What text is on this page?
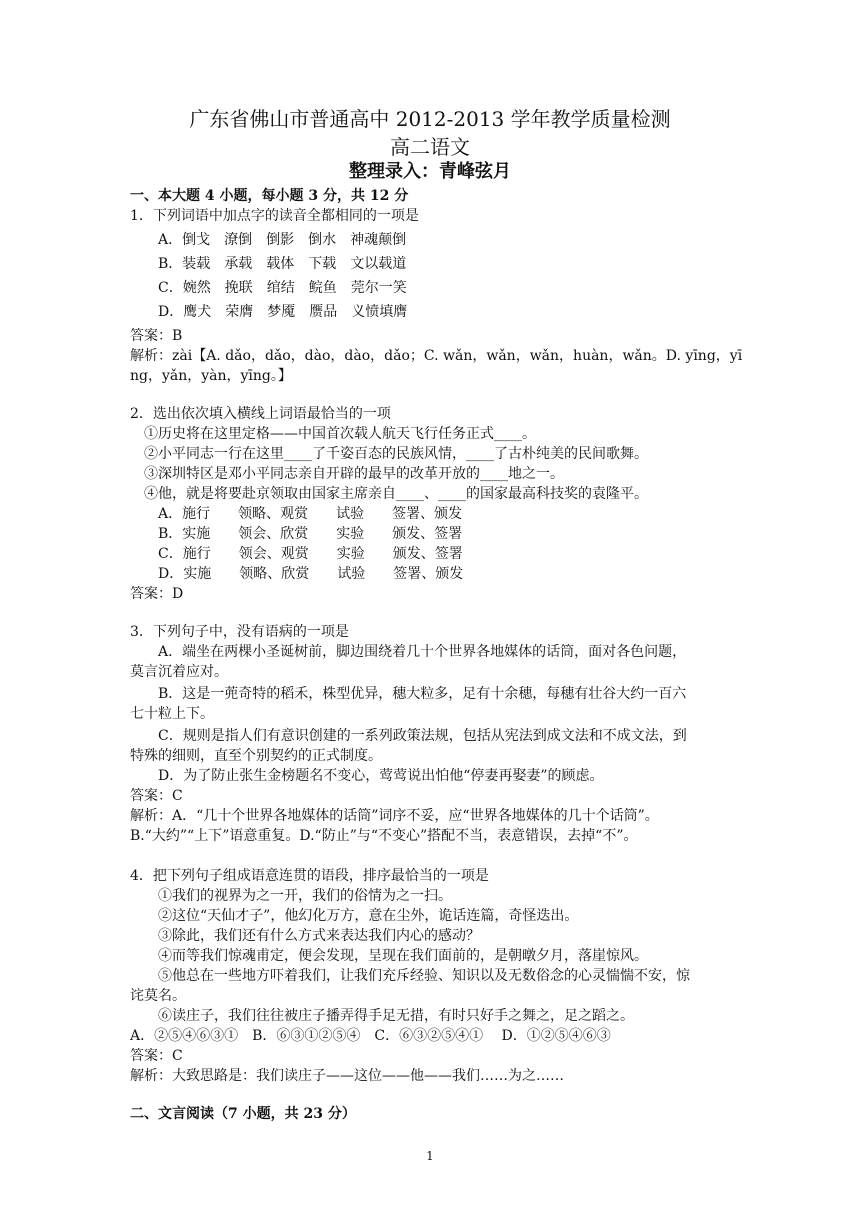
广东省佛山市普通高中 2012-2013 学年教学质量检测
高二语文
整理录入：青峰弦月
一、本大题 4 小题，每小题 3 分，共 12 分
1．下列词语中加点字的读音全都相同的一项是
A．倒戈　潦倒　倒影　倒水　神魂颠倒
B．装载　承载　载体　下载　文以载道
C．婉然　挽联　绾结　鲩鱼　莞尔一笑
D．鹰犬　荣膺　梦魇　赝品　义愤填膺
答案：B
解析：zài【A. dǎo，dǎo，dào，dào，dǎo；C. wǎn，wǎn，wǎn，huàn，wǎn。D. yīng，yī
ng，yǎn，yàn，yīng。】
2．选出依次填入横线上词语最恰当的一项
①历史将在这里定格——中国首次载人航天飞行任务正式____。
②小平同志一行在这里____了千姿百态的民族风情，____了古朴纯美的民间歌舞。
③深圳特区是邓小平同志亲自开辟的最早的改革开放的____地之一。
④他，就是将要赴京领取由国家主席亲自____、____的国家最高科技奖的袁隆平。
A．施行　　领略、观赏　　试验　　签署、颁发
B．实施　　领会、欣赏　　实验　　颁发、签署
C．施行　　领会、观赏　　实验　　颁发、签署
D．实施　　领略、欣赏　　试验　　签署、颁发
答案：D
3．下列句子中，没有语病的一项是
A．端坐在两棵小圣诞树前，脚边围绕着几十个世界各地媒体的话筒，面对各色问题，
莫言沉着应对。
B．这是一蔸奇特的稻禾，株型优异，穗大粒多，足有十余穗，每穗有壮谷大约一百六
七十粒上下。
C．规则是指人们有意识创建的一系列政策法规，包括从宪法到成文法和不成文法，到
特殊的细则，直至个别契约的正式制度。
D．为了防止张生金榜题名不变心，莺莺说出怕他“停妻再娶妻”的顾虑。
答案：C
解析：A．“几十个世界各地媒体的话筒”词序不妥，应“世界各地媒体的几十个话筒”。
B.“大约”“上下”语意重复。D.“防止”与“不变心”搭配不当，表意错误，去掉“不”。
4．把下列句子组成语意连贯的语段，排序最恰当的一项是
①我们的视界为之一开，我们的俗情为之一扫。
②这位“天仙才子”，他幻化万方，意在尘外，诡话连篇，奇怪迭出。
③除此，我们还有什么方式来表达我们内心的感动？
④而等我们惊魂甫定，便会发现，呈现在我们面前的，是朝暾夕月，落崖惊风。
⑤他总在一些地方吓着我们，让我们充斥经验、知识以及无数俗念的心灵惴惴不安，惊
诧莫名。
⑥读庄子，我们往往被庄子播弄得手足无措，有时只好手之舞之，足之蹈之。
A．②⑤④⑥③①　B．⑥③①②⑤④　C．⑥③②⑤④①　 D．①②⑤④⑥③
答案：C
解析：大致思路是：我们读庄子——这位——他——我们……为之……
二、文言阅读（7 小题，共 23 分）
1
